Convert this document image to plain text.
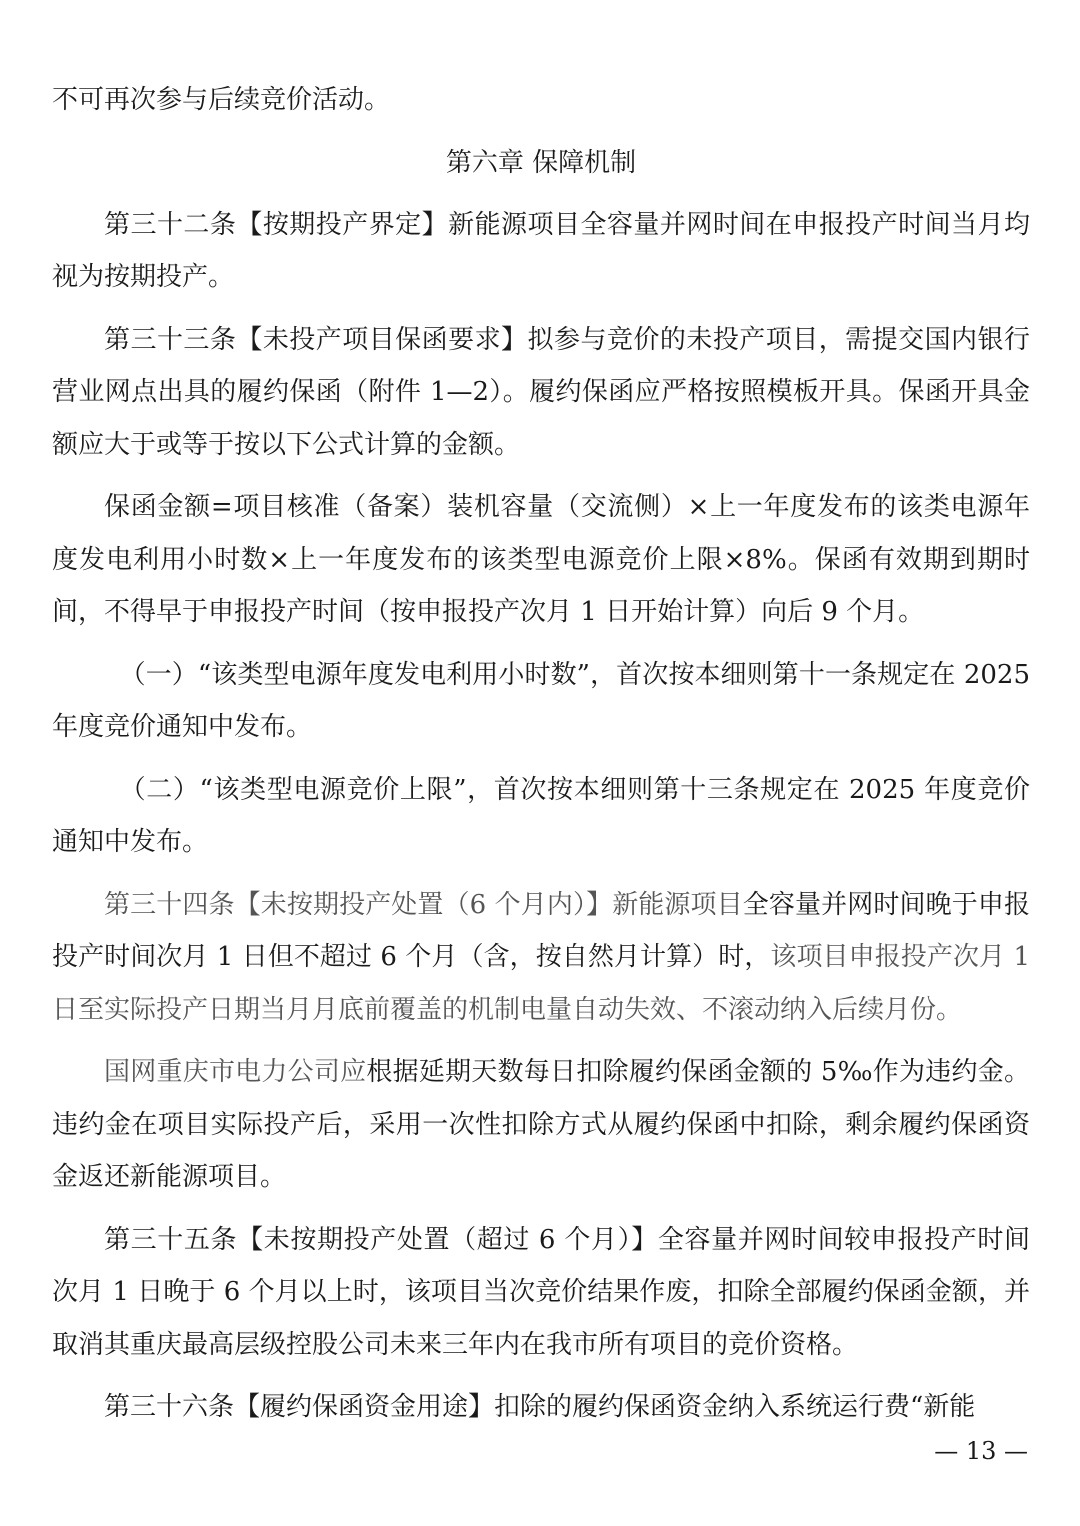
不可再次参与后续竞价活动。

第六章 保障机制

第三十二条【按期投产界定】新能源项目全容量并网时间在申报投产时间当月均视为按期投产。

第三十三条【未投产项目保函要求】拟参与竞价的未投产项目，需提交国内银行营业网点出具的履约保函（附件 1—2）。履约保函应严格按照模板开具。保函开具金额应大于或等于按以下公式计算的金额。

保函金额=项目核准（备案）装机容量（交流侧）×上一年度发布的该类电源年度发电利用小时数×上一年度发布的该类型电源竞价上限×8%。保函有效期到期时间，不得早于申报投产时间（按申报投产次月 1 日开始计算）向后 9 个月。

（一）“该类型电源年度发电利用小时数”，首次按本细则第十一条规定在 2025 年度竞价通知中发布。

（二）“该类型电源竞价上限”，首次按本细则第十三条规定在 2025 年度竞价通知中发布。

第三十四条【未按期投产处置（6 个月内）】新能源项目全容量并网时间晚于申报投产时间次月 1 日但不超过 6 个月（含，按自然月计算）时，该项目申报投产次月 1 日至实际投产日期当月月底前覆盖的机制电量自动失效、不滚动纳入后续月份。

国网重庆市电力公司应根据延期天数每日扣除履约保函金额的 5‰作为违约金。违约金在项目实际投产后，采用一次性扣除方式从履约保函中扣除，剩余履约保函资金返还新能源项目。

第三十五条【未按期投产处置（超过 6 个月）】全容量并网时间较申报投产时间次月 1 日晚于 6 个月以上时，该项目当次竞价结果作废，扣除全部履约保函金额，并取消其重庆最高层级控股公司未来三年内在我市所有项目的竞价资格。

第三十六条【履约保函资金用途】扣除的履约保函资金纳入系统运行费“新能

— 13 —
